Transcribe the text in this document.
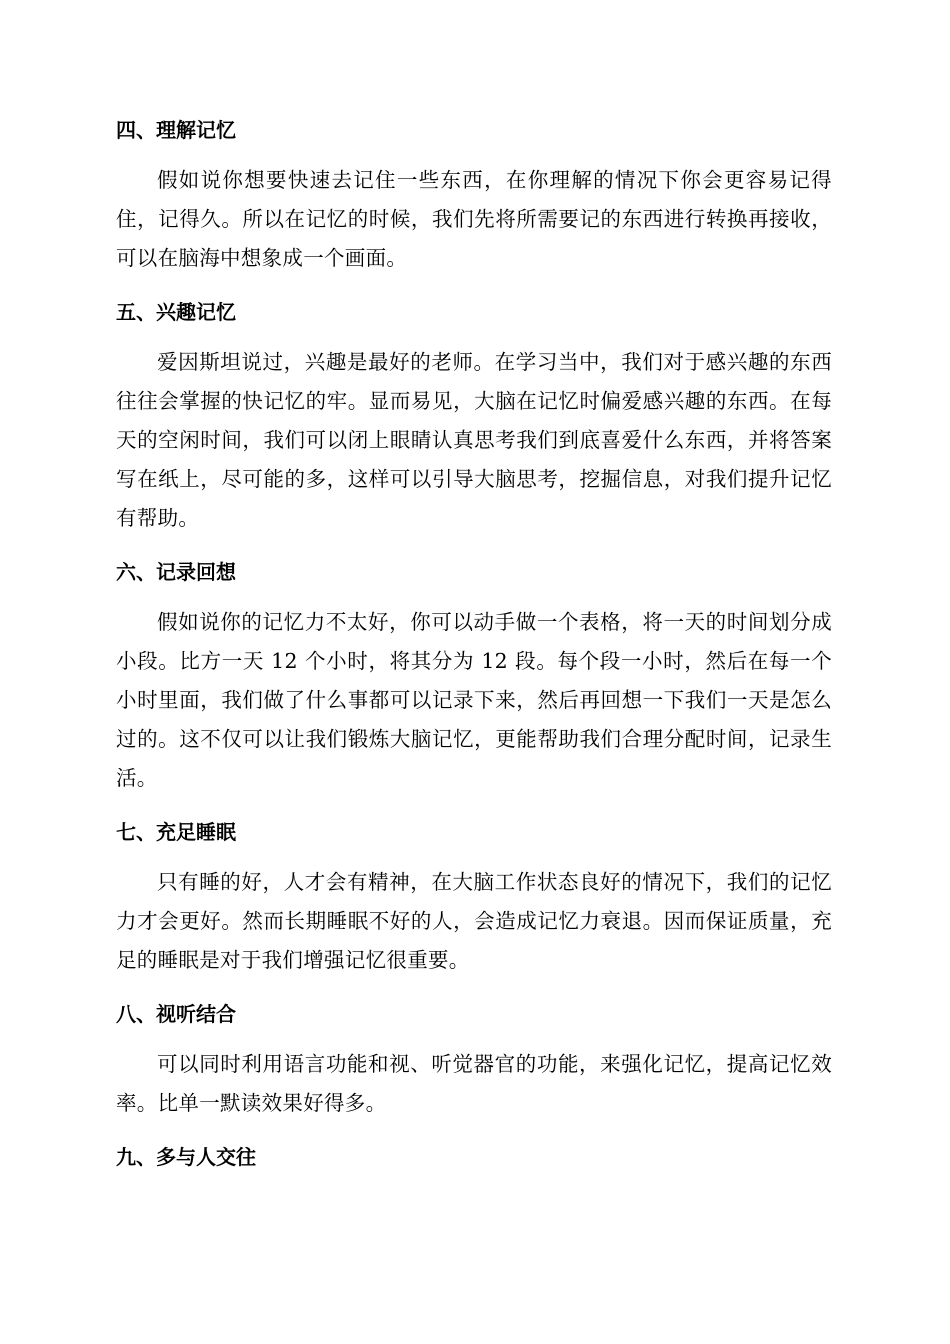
四、理解记忆

假如说你想要快速去记住一些东西，在你理解的情况下你会更容易记得住，记得久。所以在记忆的时候，我们先将所需要记的东西进行转换再接收，可以在脑海中想象成一个画面。

五、兴趣记忆

爱因斯坦说过，兴趣是最好的老师。在学习当中，我们对于感兴趣的东西往往会掌握的快记忆的牢。显而易见，大脑在记忆时偏爱感兴趣的东西。在每天的空闲时间，我们可以闭上眼睛认真思考我们到底喜爱什么东西，并将答案写在纸上，尽可能的多，这样可以引导大脑思考，挖掘信息，对我们提升记忆有帮助。

六、记录回想

假如说你的记忆力不太好，你可以动手做一个表格，将一天的时间划分成小段。比方一天 12 个小时，将其分为 12 段。每个段一小时，然后在每一个小时里面，我们做了什么事都可以记录下来，然后再回想一下我们一天是怎么过的。这不仅可以让我们锻炼大脑记忆，更能帮助我们合理分配时间，记录生活。

七、充足睡眠

只有睡的好，人才会有精神，在大脑工作状态良好的情况下，我们的记忆力才会更好。然而长期睡眠不好的人，会造成记忆力衰退。因而保证质量，充足的睡眠是对于我们增强记忆很重要。

八、视听结合

可以同时利用语言功能和视、听觉器官的功能，来强化记忆，提高记忆效率。比单一默读效果好得多。

九、多与人交往
